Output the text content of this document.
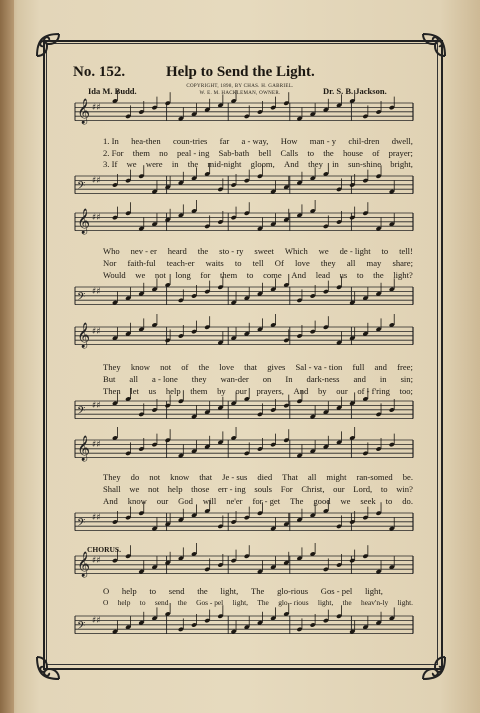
No. 152.	Help to Send the Light.
Ida M. Budd.	Dr. S. B. Jackson.
COPYRIGHT, 1898, BY CHAS. H. GABRIEL.
W. E. M. HACKLEMAN, OWNER.
𝄞 ♯♯
𝄢 ♯♯
𝄞 ♯♯
𝄢 ♯♯
𝄞 ♯♯
𝄢 ♯♯
𝄞 ♯♯
𝄢 ♯♯
𝄞 ♯♯
𝄢 ♯♯
1. In hea-then coun-tries far a - way, How man - y chil-dren dwell,
2. For them no peal - ing Sab-bath bell Calls to the house of prayer;
3. If we were in the mid-night gloom, And they in sun-shine bright,
Who nev - er heard the sto - ry sweet Which we de - light to tell!
Nor faith-ful teach-er waits to tell Of love they all may share;
Would we not long for them to come And lead us to the light?
They know not of the love that gives Sal - va - tion full and free;
But all a - lone they wan-der on In dark-ness and in sin;
Then let us help them by our prayers, And by our of - f'ring too;
They do not know that Je - sus died That all might ran-somed be.
Shall we not help those err - ing souls For Christ, our Lord, to win?
And know our God will ne'er for - get The good we seek to do.
CHORUS.
O help to send the light, The glo-rious Gos - pel light,
O help to send the Gos - pel light, The glo - rious light, the heav'n-ly light.
